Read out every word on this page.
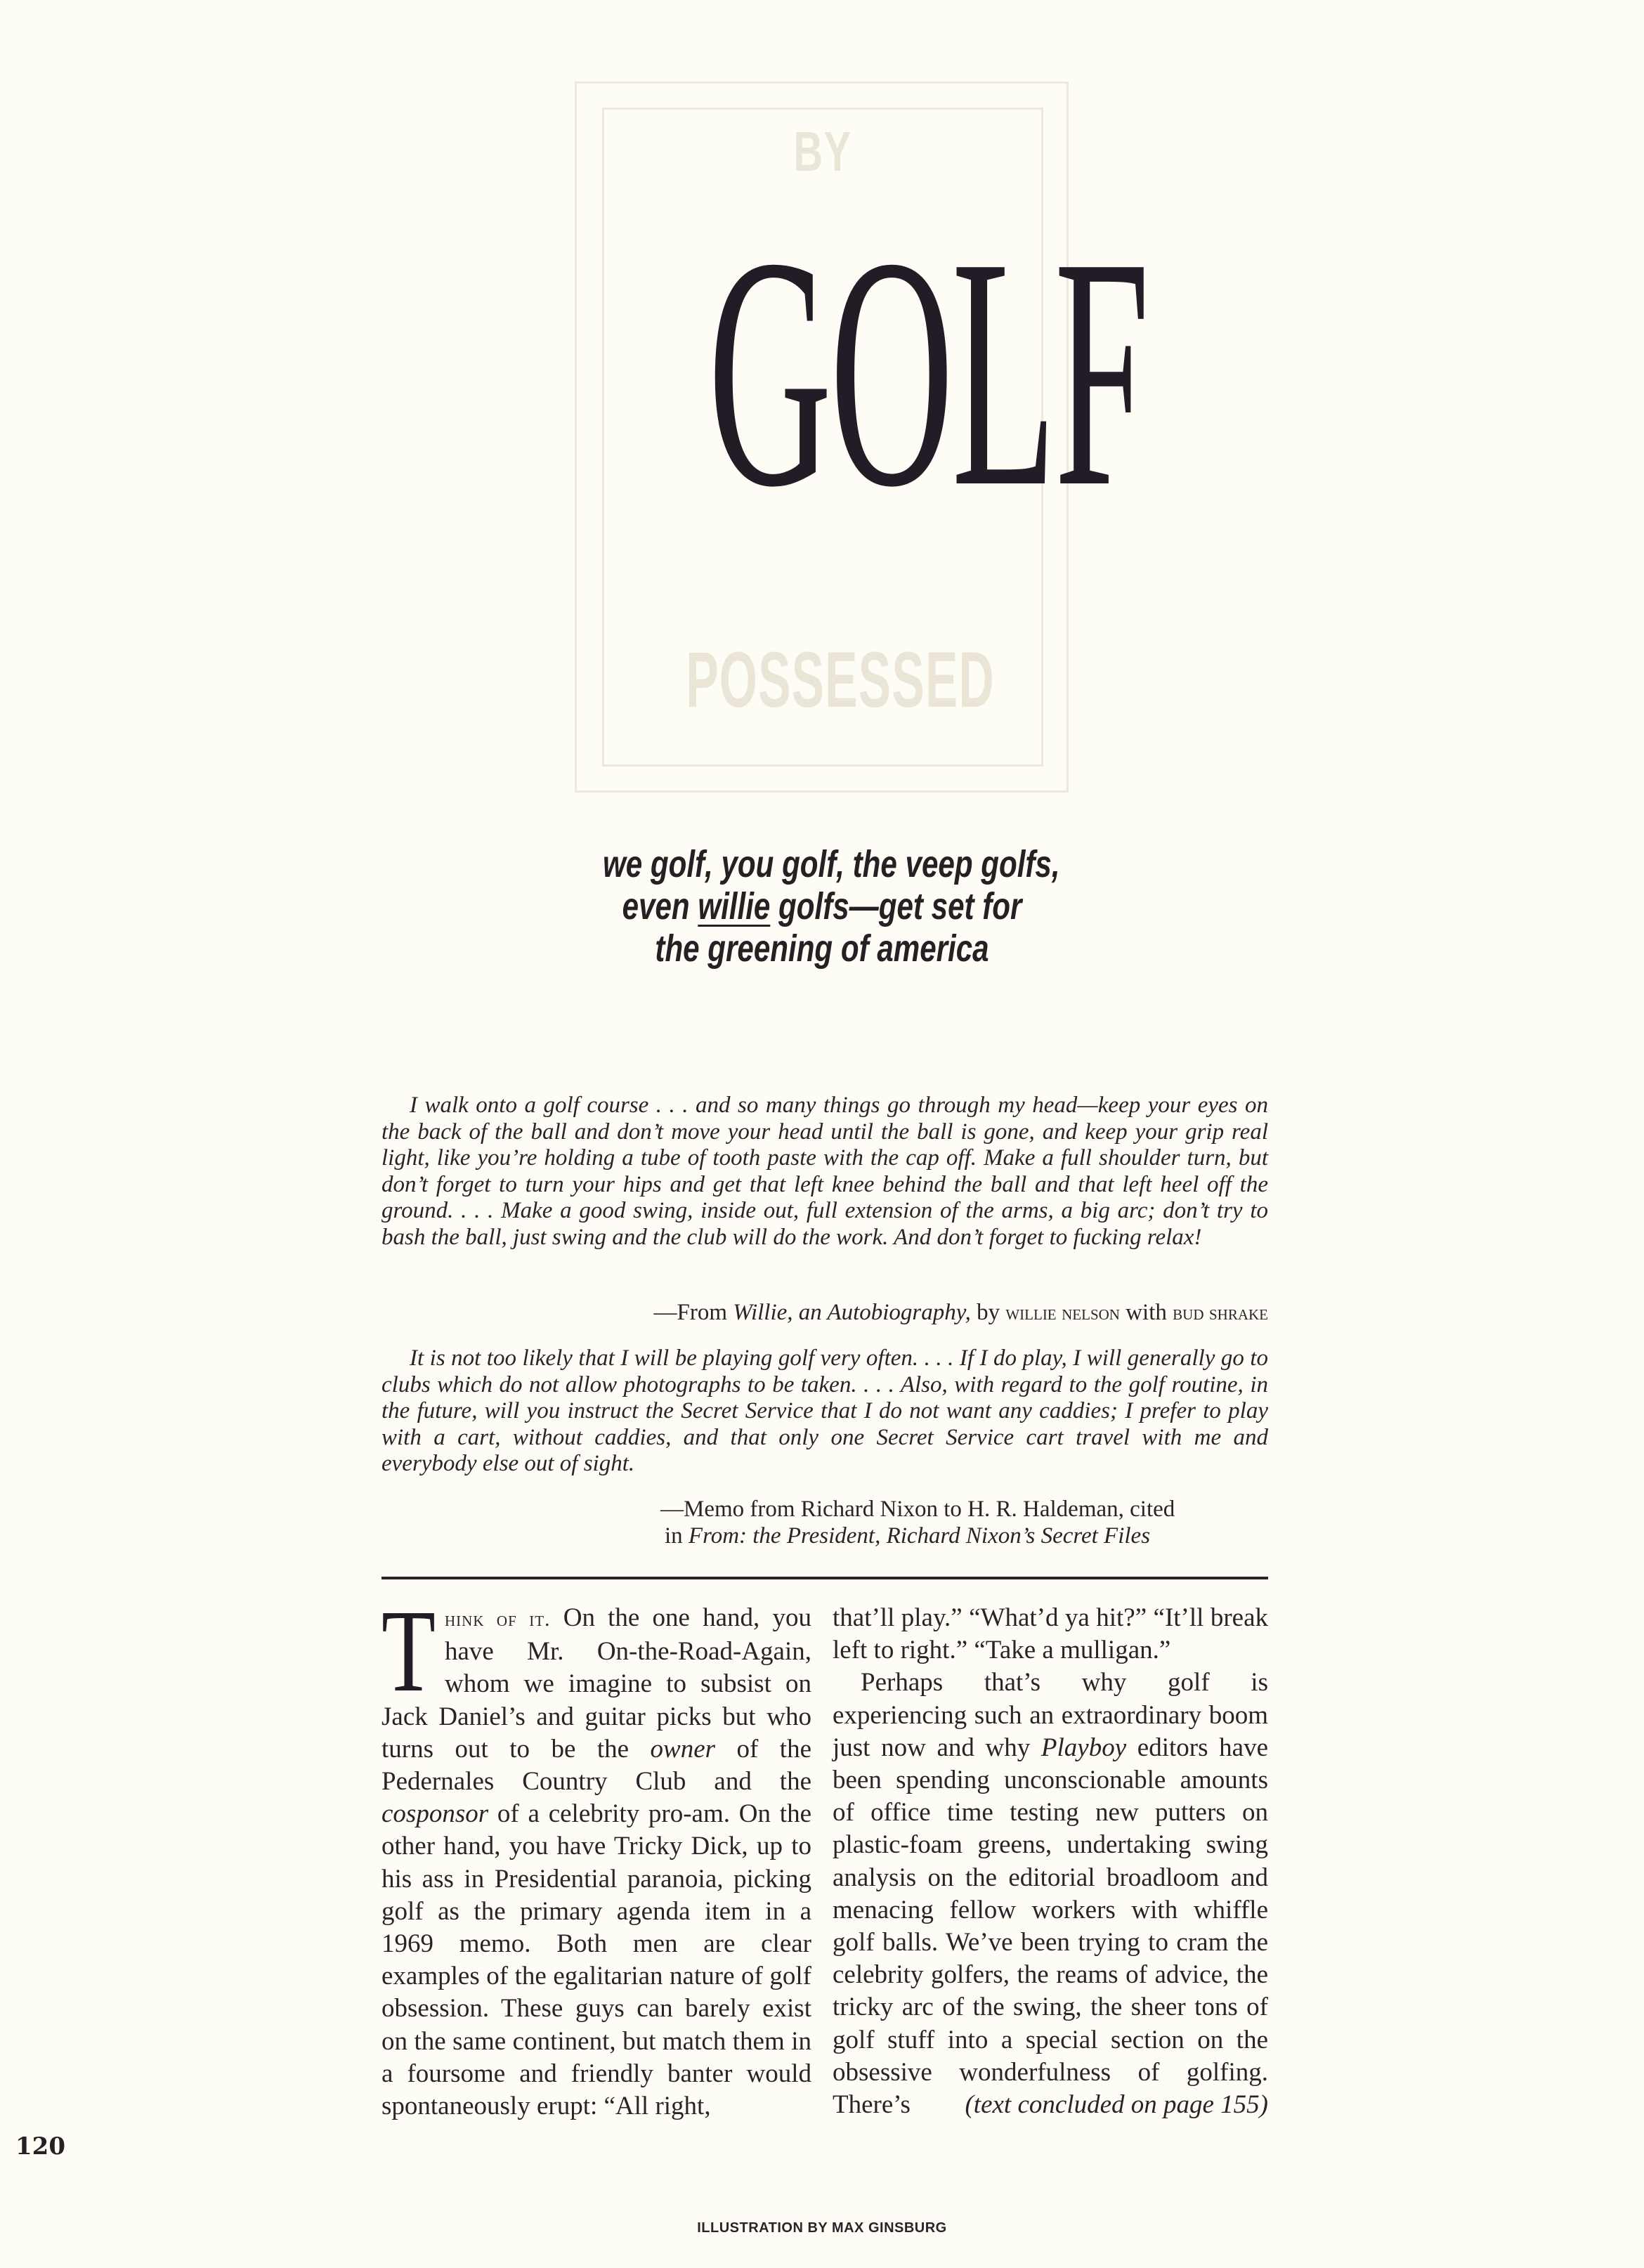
BY
GOLF
POSSESSED
we golf, you golf, the veep golfs,
even willie golfs—get set for
the greening of america

I walk onto a golf course . . . and so many things go through my head—keep your eyes on the back of the ball and don’t move your head until the ball is gone, and keep your grip real light, like you’re holding a tube of tooth paste with the cap off. Make a full shoulder turn, but don’t forget to turn your hips and get that left knee behind the ball and that left heel off the ground. . . . Make a good swing, inside out, full extension of the arms, a big arc; don’t try to bash the ball, just swing and the club will do the work. And don’t forget to fucking relax!

—From Willie, an Autobiography, by willie nelson with bud shrake

It is not too likely that I will be playing golf very often. . . . If I do play, I will generally go to clubs which do not allow photographs to be taken. . . . Also, with regard to the golf routine, in the future, will you instruct the Secret Service that I do not want any caddies; I prefer to play with a cart, without caddies, and that only one Secret Service cart travel with me and everybody else out of sight.

—Memo from Richard Nixon to H. R. Haldeman, cited
in From: the President, Richard Nixon’s Secret Files

Think of it. On the one hand, you have Mr. On-the-Road-Again, whom we imagine to subsist on Jack Daniel’s and guitar picks but who turns out to be the owner of the Pedernales Country Club and the cosponsor of a celebrity pro-am. On the other hand, you have Tricky Dick, up to his ass in Presidential paranoia, picking golf as the primary agenda item in a 1969 memo. Both men are clear examples of the egalitarian nature of golf obsession. These guys can barely exist on the same continent, but match them in a foursome and friendly banter would spontaneously erupt: “All right,

that’ll play.” “What’d ya hit?” “It’ll break left to right.” “Take a mulligan.”

Perhaps that’s why golf is experiencing such an extraordinary boom just now and why Playboy editors have been spending unconscionable amounts of office time testing new putters on plastic-foam greens, undertaking swing analysis on the editorial broadloom and menacing fellow workers with whiffle golf balls. We’ve been trying to cram the celebrity golfers, the reams of advice, the tricky arc of the swing, the sheer tons of golf stuff into a special section on the obsessive wonderfulness of golfing. There’s	(text concluded on page 155)

120
ILLUSTRATION BY MAX GINSBURG
